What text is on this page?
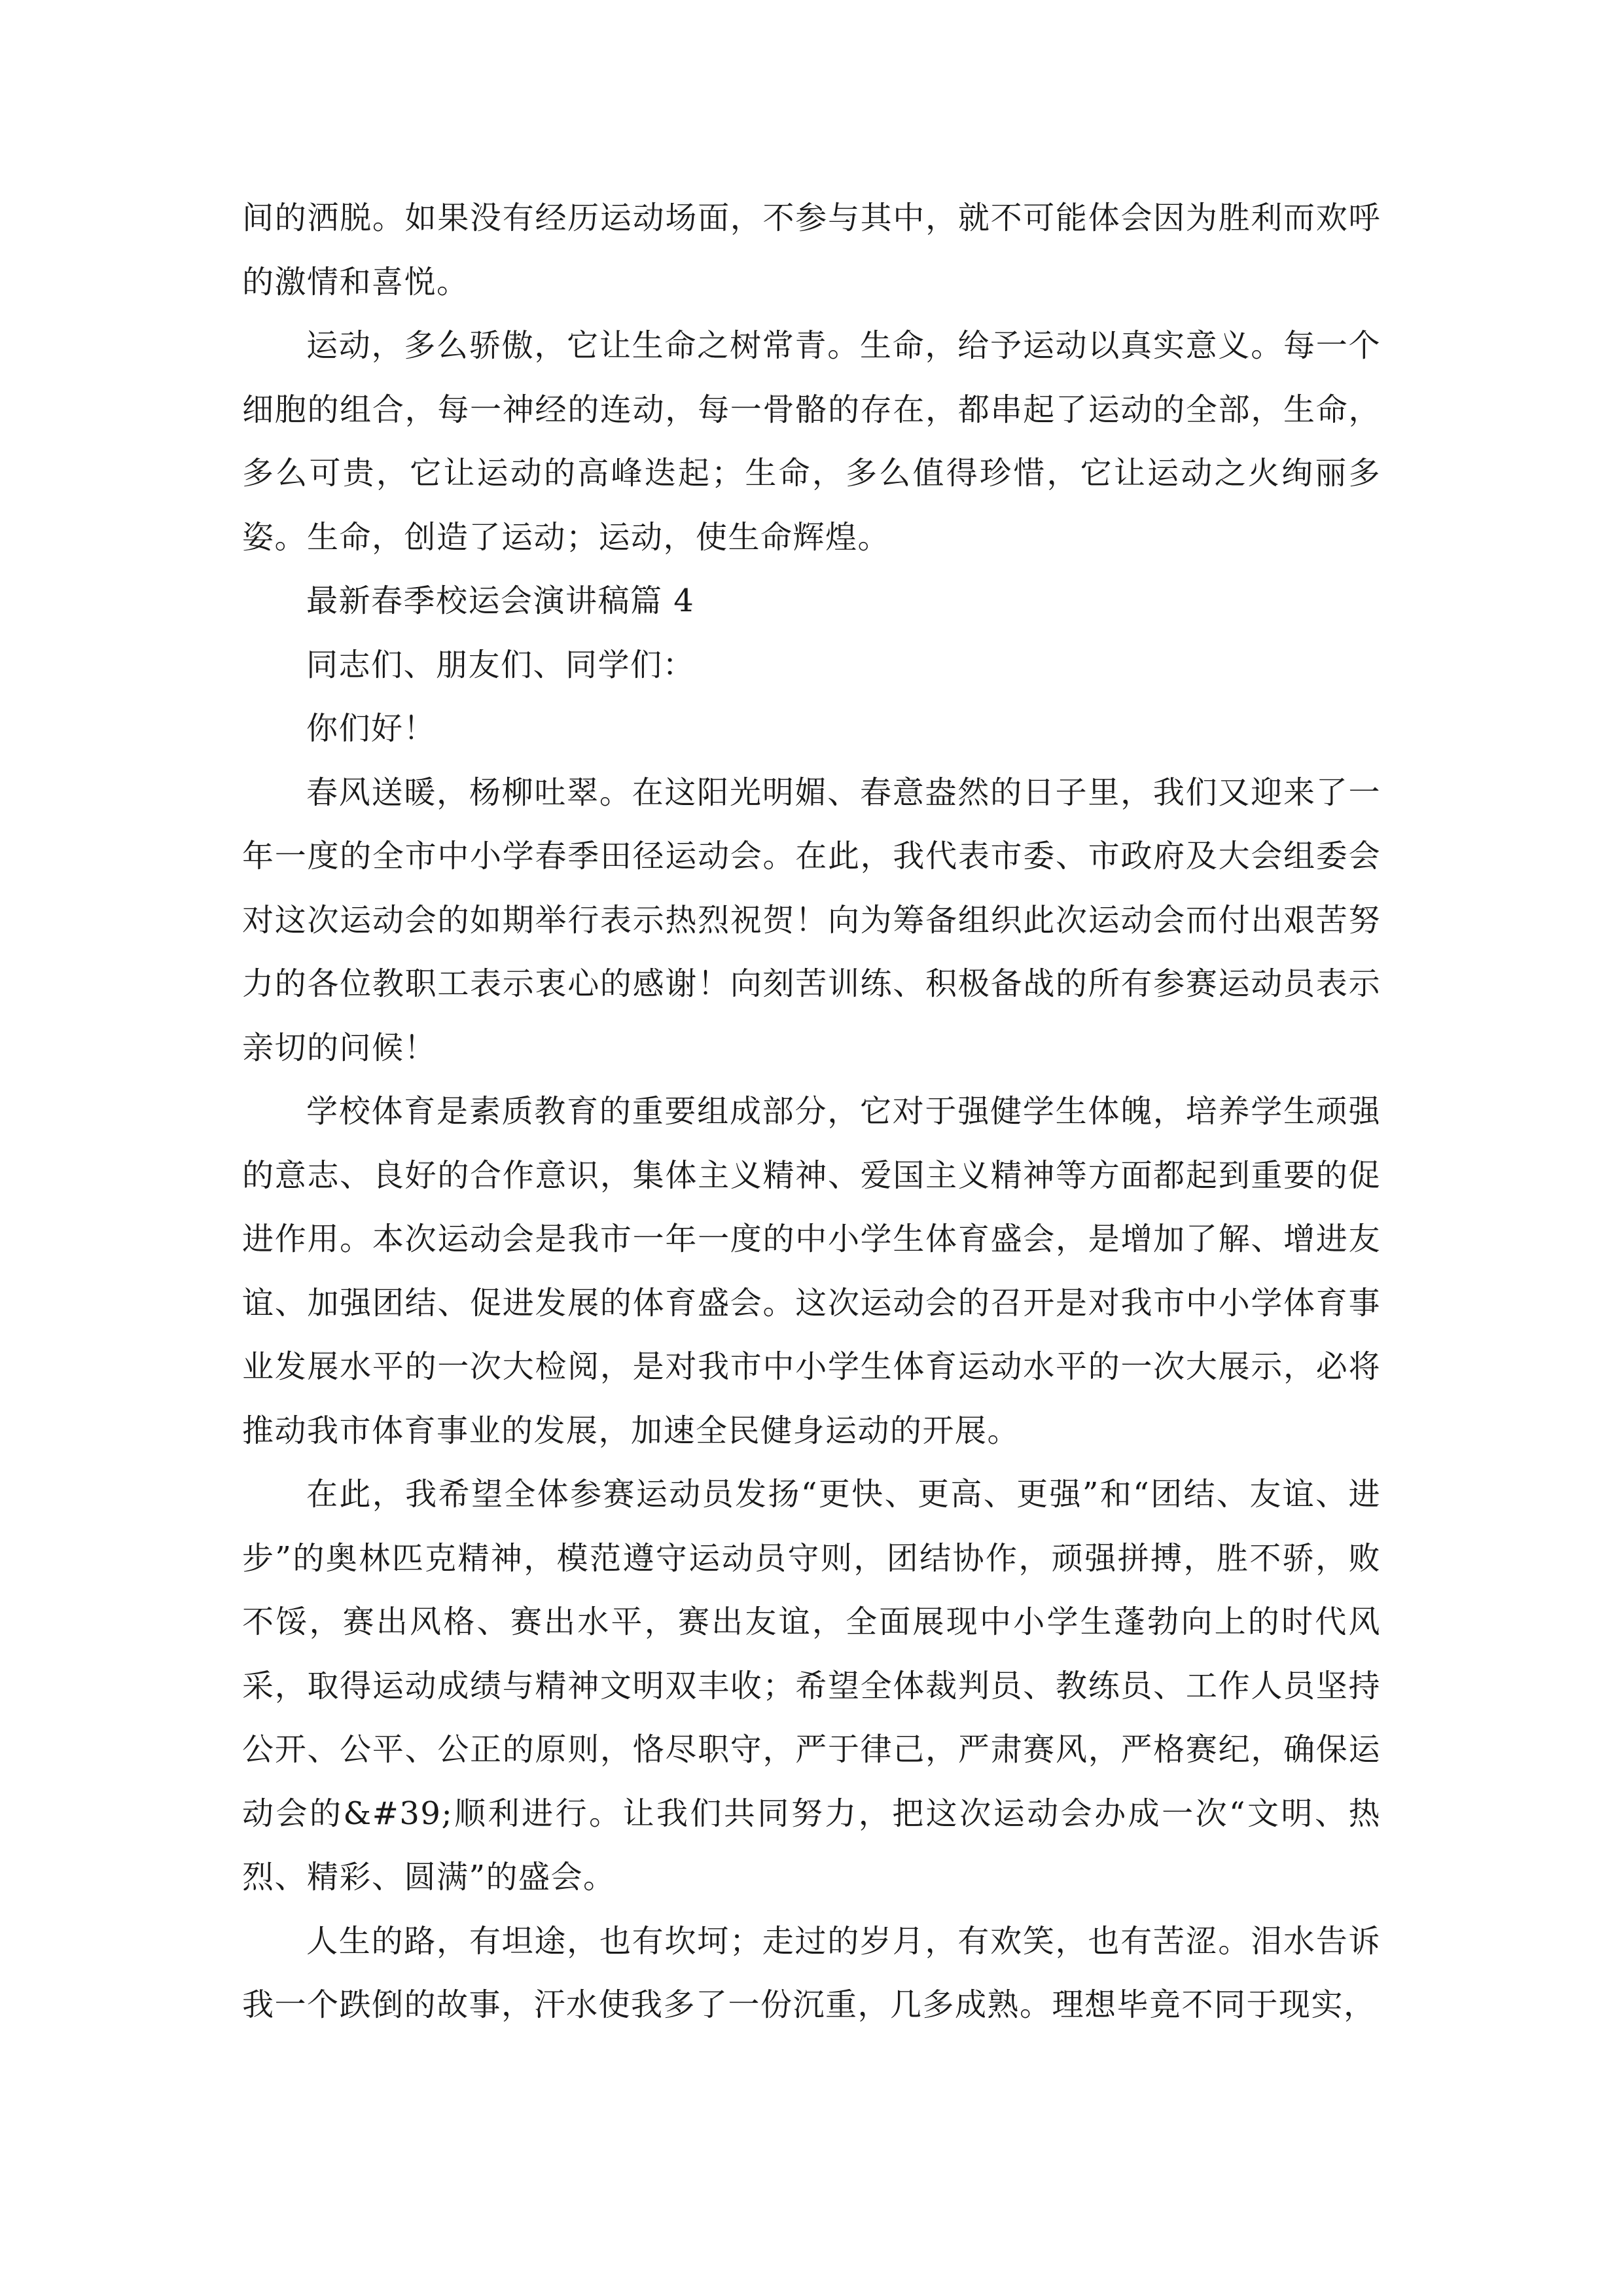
间的洒脱。如果没有经历运动场面，不参与其中，就不可能体会因为胜利而欢呼的激情和喜悦。

运动，多么骄傲，它让生命之树常青。生命，给予运动以真实意义。每一个细胞的组合，每一神经的连动，每一骨骼的存在，都串起了运动的全部，生命，多么可贵，它让运动的高峰迭起；生命，多么值得珍惜，它让运动之火绚丽多姿。生命，创造了运动；运动，使生命辉煌。

最新春季校运会演讲稿篇 4

同志们、朋友们、同学们：

你们好！

春风送暖，杨柳吐翠。在这阳光明媚、春意盎然的日子里，我们又迎来了一年一度的全市中小学春季田径运动会。在此，我代表市委、市政府及大会组委会对这次运动会的如期举行表示热烈祝贺！向为筹备组织此次运动会而付出艰苦努力的各位教职工表示衷心的感谢！向刻苦训练、积极备战的所有参赛运动员表示亲切的问候！

学校体育是素质教育的重要组成部分，它对于强健学生体魄，培养学生顽强的意志、良好的合作意识，集体主义精神、爱国主义精神等方面都起到重要的促进作用。本次运动会是我市一年一度的中小学生体育盛会，是增加了解、增进友谊、加强团结、促进发展的体育盛会。这次运动会的召开是对我市中小学体育事业发展水平的一次大检阅，是对我市中小学生体育运动水平的一次大展示，必将推动我市体育事业的发展，加速全民健身运动的开展。

在此，我希望全体参赛运动员发扬“更快、更高、更强”和“团结、友谊、进步”的奥林匹克精神，模范遵守运动员守则，团结协作，顽强拼搏，胜不骄，败不馁，赛出风格、赛出水平，赛出友谊，全面展现中小学生蓬勃向上的时代风采，取得运动成绩与精神文明双丰收；希望全体裁判员、教练员、工作人员坚持公开、公平、公正的原则，恪尽职守，严于律己，严肃赛风，严格赛纪，确保运动会的&#39;顺利进行。让我们共同努力，把这次运动会办成一次“文明、热烈、精彩、圆满”的盛会。

人生的路，有坦途，也有坎坷；走过的岁月，有欢笑，也有苦涩。泪水告诉我一个跌倒的故事，汗水使我多了一份沉重，几多成熟。理想毕竟不同于现实，
